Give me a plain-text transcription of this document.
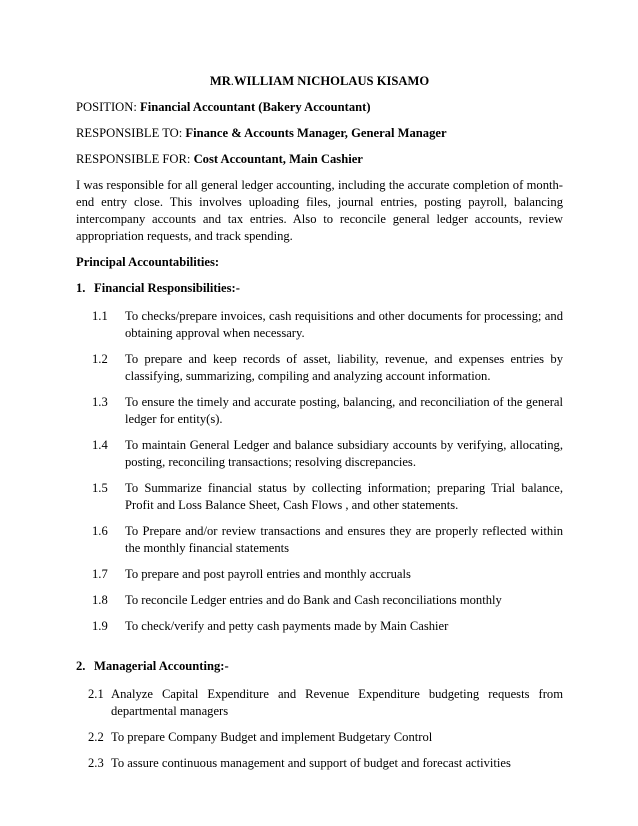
MR.WILLIAM NICHOLAUS KISAMO
POSITION: Financial Accountant (Bakery Accountant)
RESPONSIBLE TO: Finance & Accounts Manager, General Manager
RESPONSIBLE FOR: Cost Accountant, Main Cashier

I was responsible for all general ledger accounting, including the accurate completion of month-end entry close. This involves uploading files, journal entries, posting payroll, balancing intercompany accounts and tax entries. Also to reconcile general ledger accounts, review appropriation requests, and track spending.

Principal Accountabilities:
1. Financial Responsibilities:-
1.1	To checks/prepare invoices, cash requisitions and other documents for processing; and obtaining approval when necessary.
1.2	To prepare and keep records of asset, liability, revenue, and expenses entries by classifying, summarizing, compiling and analyzing account information.
1.3	To ensure the timely and accurate posting, balancing, and reconciliation of the general ledger for entity(s).
1.4	To maintain General Ledger and balance subsidiary accounts by verifying, allocating, posting, reconciling transactions; resolving discrepancies.
1.5	To Summarize financial status by collecting information; preparing Trial balance, Profit and Loss Balance Sheet, Cash Flows , and other statements.
1.6	To Prepare and/or review transactions and ensures they are properly reflected within the monthly financial statements
1.7	To prepare and post payroll entries and monthly accruals
1.8	To reconcile Ledger entries and do Bank and Cash reconciliations monthly
1.9	To check/verify and petty cash payments made by Main Cashier
2. Managerial Accounting:-
2.1 Analyze Capital Expenditure and Revenue Expenditure budgeting requests from departmental managers
2.2 To prepare Company Budget and implement Budgetary Control
2.3 To assure continuous management and support of budget and forecast activities
